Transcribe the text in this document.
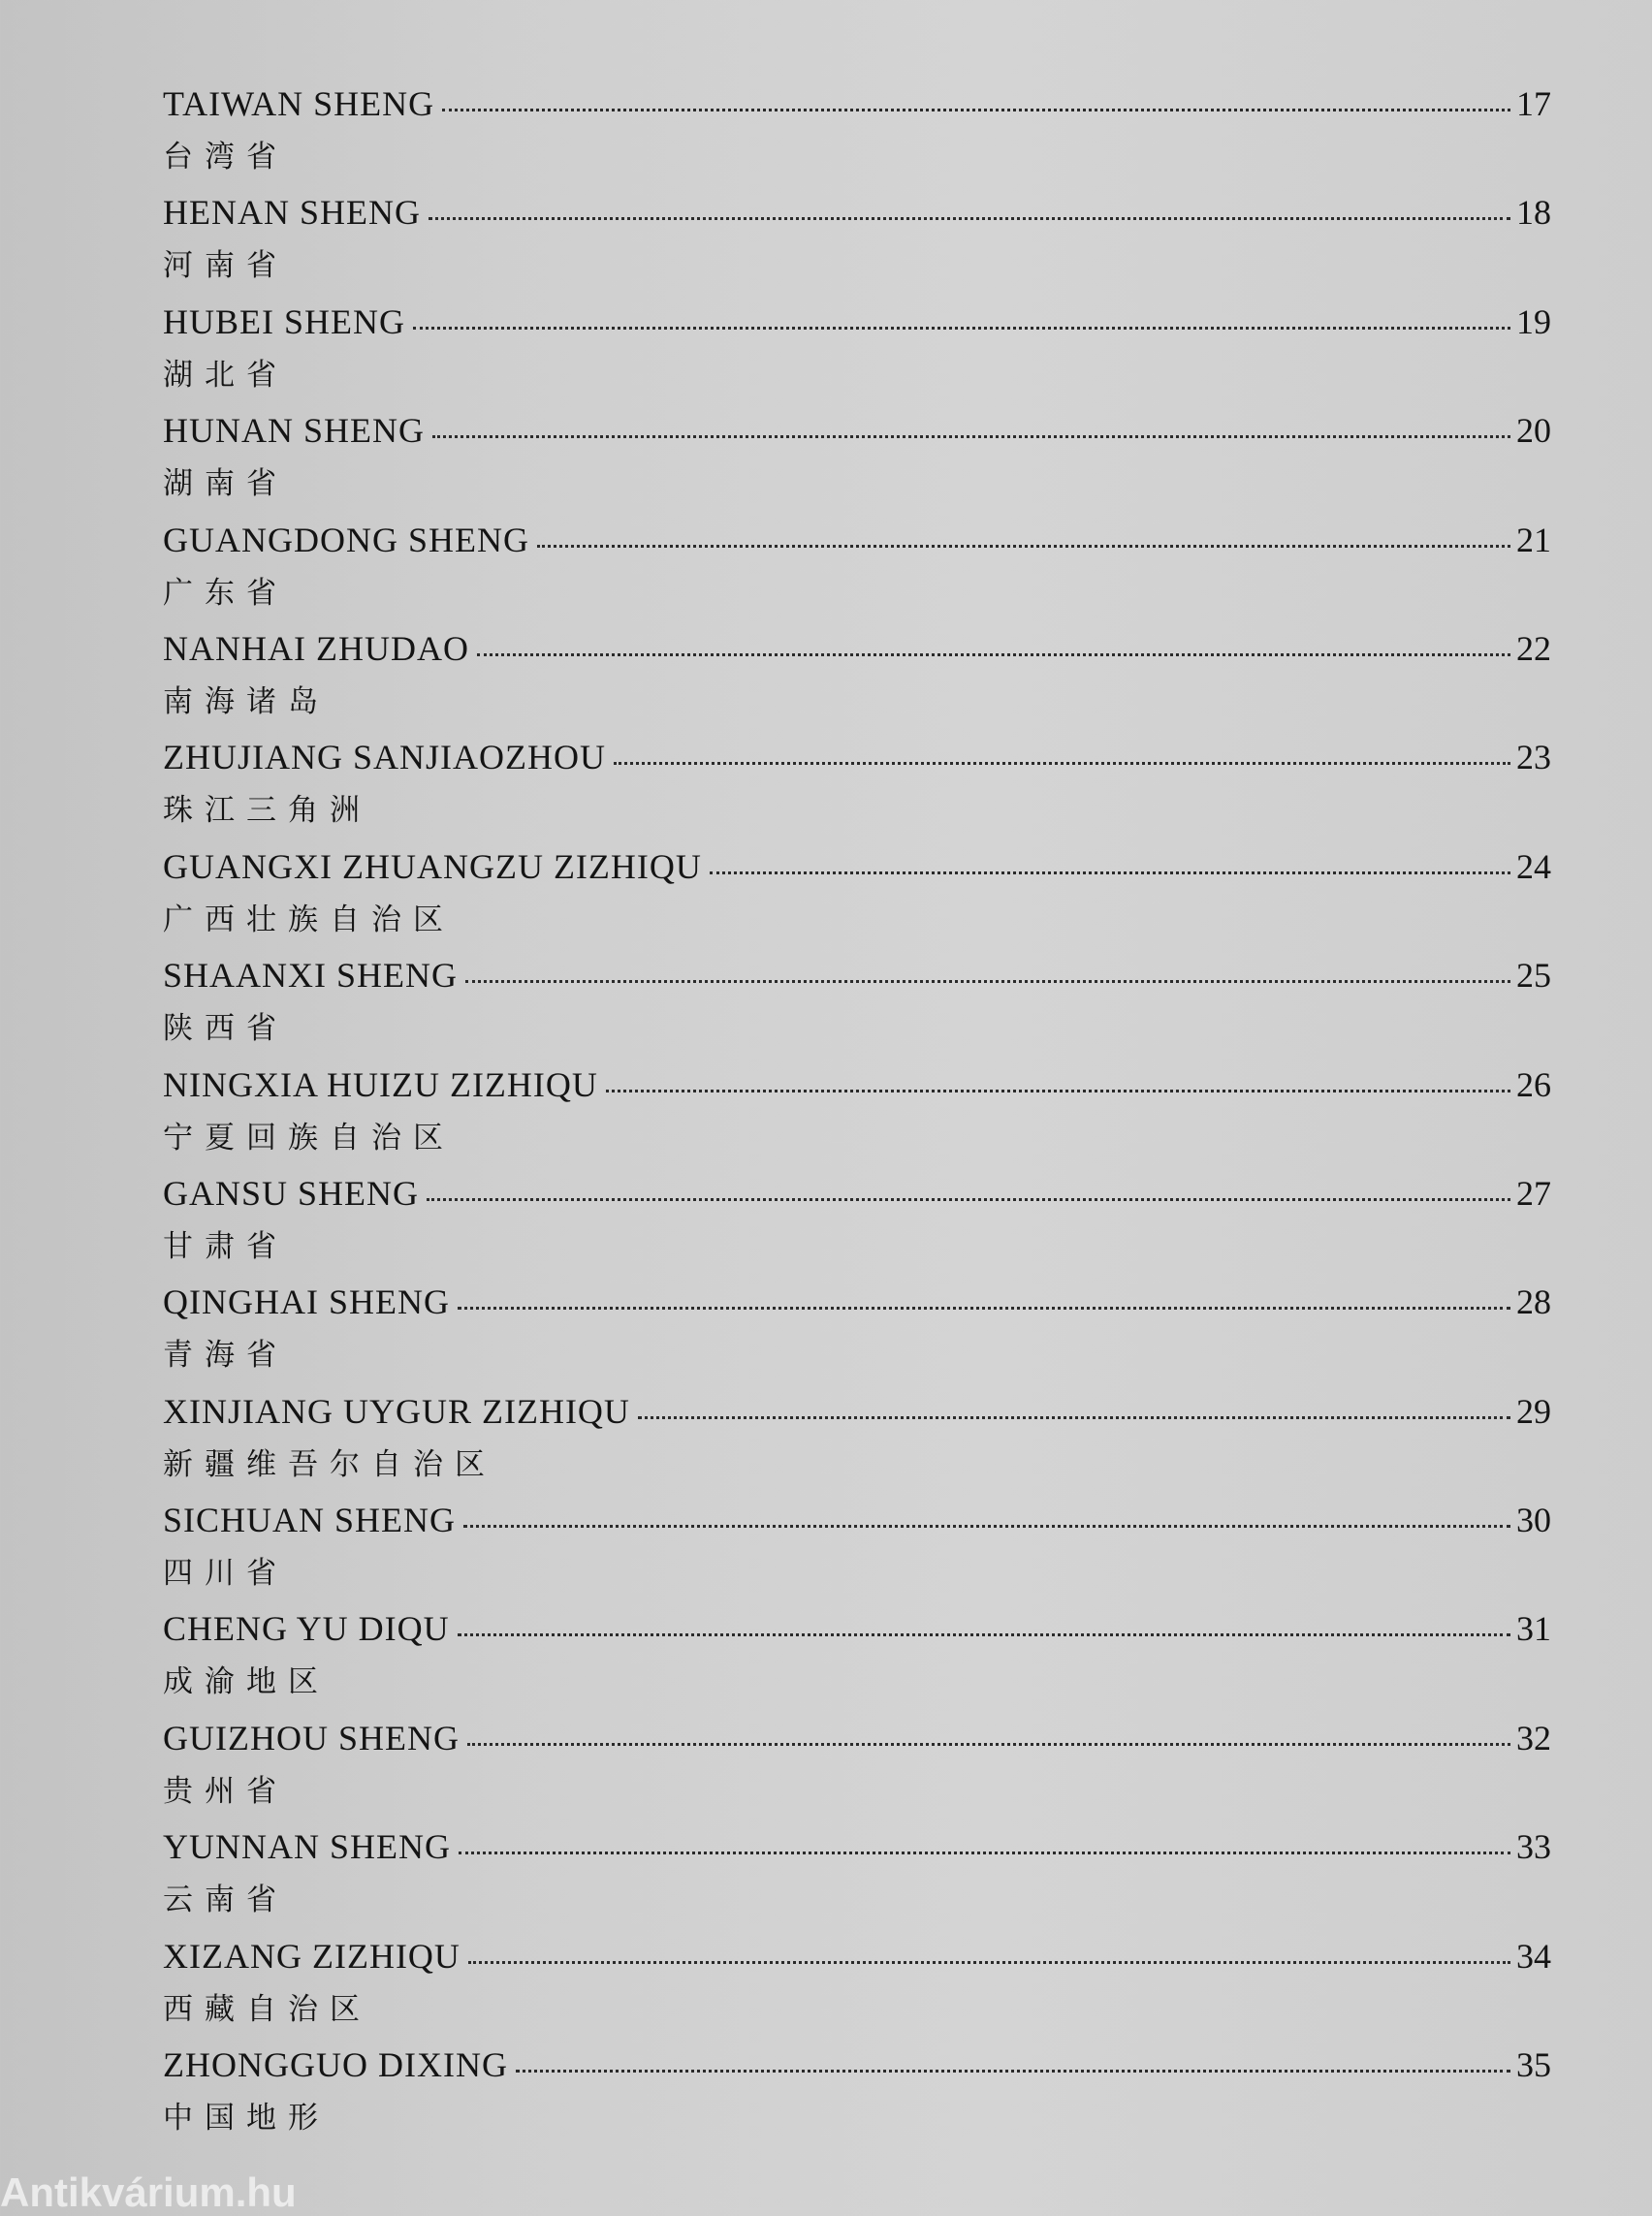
TAIWAN SHENG	17
台湾省
HENAN SHENG	18
河南省
HUBEI SHENG	19
湖北省
HUNAN SHENG	20
湖南省
GUANGDONG SHENG	21
广东省
NANHAI ZHUDAO	22
南海诸岛
ZHUJIANG SANJIAOZHOU	23
珠江三角洲
GUANGXI ZHUANGZU ZIZHIQU	24
广西壮族自治区
SHAANXI SHENG	25
陕西省
NINGXIA HUIZU ZIZHIQU	26
宁夏回族自治区
GANSU SHENG	27
甘肃省
QINGHAI SHENG	28
青海省
XINJIANG UYGUR ZIZHIQU	29
新疆维吾尔自治区
SICHUAN SHENG	30
四川省
CHENG YU DIQU	31
成渝地区
GUIZHOU SHENG	32
贵州省
YUNNAN SHENG	33
云南省
XIZANG ZIZHIQU	34
西藏自治区
ZHONGGUO DIXING	35
中国地形
Antikvárium.hu
